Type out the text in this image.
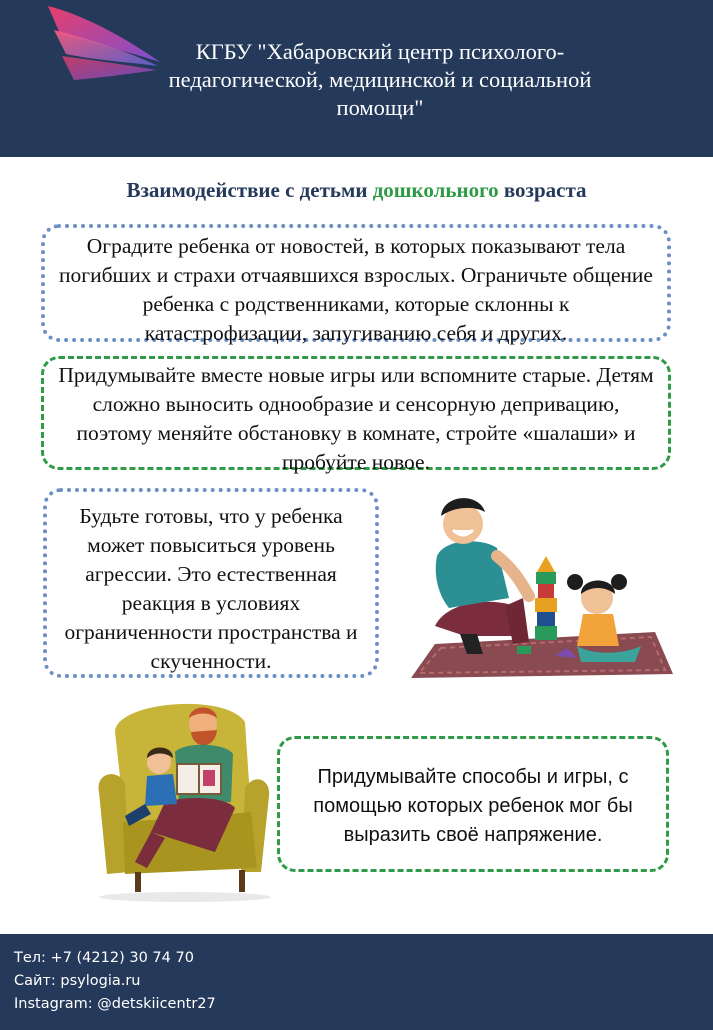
КГБУ "Хабаровский центр психолого-
педагогической, медицинской и социальной
помощи"
Взаимодействие с детьми дошкольного возраста
Оградите ребенка от новостей, в которых показывают тела погибших и страхи отчаявшихся взрослых. Ограничьте общение ребенка с родственниками, которые склонны к катастрофизации, запугиванию себя и других.
Придумывайте вместе новые игры или вспомните старые. Детям сложно выносить однообразие и сенсорную депривацию, поэтому меняйте обстановку в комнате, стройте «шалаши» и пробуйте новое.
Будьте готовы, что у ребенка может повыситься уровень агрессии. Это естественная реакция в условиях ограниченности пространства и скученности.
Придумывайте способы и игры, с помощью которых ребенок мог бы выразить своё напряжение.
Тел: +7 (4212) 30 74 70
Сайт: psylogia.ru
Instagram: @detskiicentr27
